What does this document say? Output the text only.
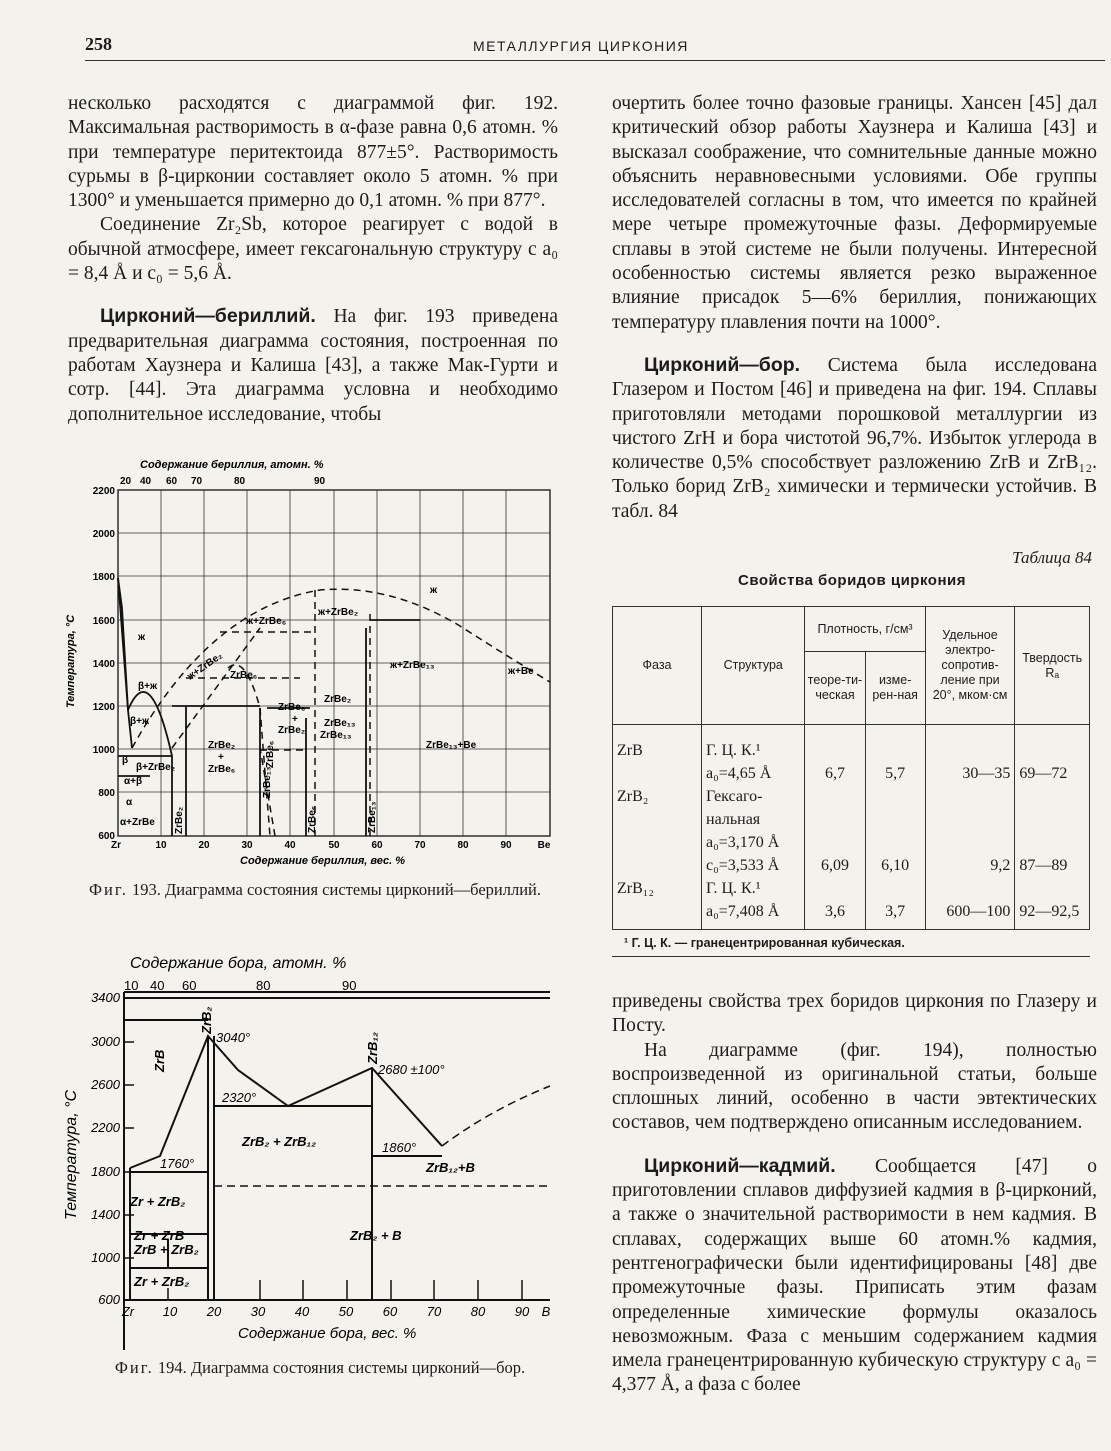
258	МЕТАЛЛУРГИЯ ЦИРКОНИЯ

несколько расходятся с диаграммой фиг. 192. Максимальная растворимость в α-фазе равна 0,6 атомн. % при температуре перитектоида 877±5°. Растворимость сурьмы в β-цирконии составляет около 5 атомн. % при 1300° и уменьшается примерно до 0,1 атомн. % при 877°.

Соединение Zr₂Sb, которое реагирует с водой в обычной атмосфере, имеет гексагональную структуру с a₀ = 8,4 Å и c₀ = 5,6 Å.

Цирконий—бериллий. На фиг. 193 приведена предварительная диаграмма состояния, построенная по работам Хаузнера и Калиша [43], а также Мак-Гурти и сотр. [44]. Эта диаграмма условна и необходимо дополнительное исследование, чтобы

очертить более точно фазовые границы. Хансен [45] дал критический обзор работы Хаузнера и Калиша [43] и высказал соображение, что сомнительные данные можно объяснить неравновесными условиями. Обе группы исследователей согласны в том, что имеется по крайней мере четыре промежуточные фазы. Деформируемые сплавы в этой системе не были получены. Интересной особенностью системы является резко выраженное влияние присадок 5—6% бериллия, понижающих температуру плавления почти на 1000°.

Цирконий—бор. Система была исследована Глазером и Постом [46] и приведена на фиг. 194. Сплавы приготовляли методами порошковой металлургии из чистого ZrH и бора чистотой 96,7%. Избыток углерода в количестве 0,5% способствует разложению ZrB и ZrB₁₂. Только борид ZrB₂ химически и термически устойчив. В табл. 84

Содержание бериллия, атомн. %
20 40 60 70	80	90
2200
2000
1800
1600
1400
1200
1000
800
600
Температура, °С
Zr	10	20	30	40	50	60	70	80	90	Be
Содержание бериллия, вес. %
ж
ж
ж+ZrBe₂
ж+ZrBe₆
ж+ZrBe₁₃
β+ж
ж+ZrBe₂ ZrBe₆
ZrBe₆
+
ZrBe₂
ZrBe₂
+
ZrBe₆
ZrBe₂
ZrBe₁₃
ZrBe₁₃
ZrBe₆	ZrBe₁₃
β
β+ZrBe₂
α+β
α
α+ZrBe ZrBe₂
ZrBe₆
ZrBe₁₃
ZrBe₁₃+Be
ж+Be
β+ж
Фиг. 193. Диаграмма состояния системы цирконий—бериллий.
Содержание бора, атомн. %
10 40 60	80	90
3400
3000
2600
2200
1800
1400
1000
600
Температура, °С
Zr 10 20 30 40 50 60 70 80 90 B
Содержание бора, вес. %
3040°
2680 ±100°
2320°
1860°
1760°
ZrB
ZrB₂
ZrB₁₂
ZrB₂ + ZrB₁₂
ZrB₁₂+B
Zr + ZrB₂
Zr + ZrB
ZrB + ZrB₂
Zr + ZrB₂
ZrB₂ + B
Фиг. 194. Диаграмма состояния системы цирконий—бор.
Таблица 84
Свойства боридов циркония
Фаза	Структура	Плотность, г/см³		Удельное электро-сопротив-ление при 20°, мком·см	Твердость Rₐ
		теоре-ти-ческая	изме-рен-ная		
ZrB	Г. Ц. К.¹				
	a₀=4,65 Å	6,7	5,7	30—35	69—72
ZrB₂	Гексаго-				
	нальная				
	a₀=3,170 Å				
	c₀=3,533 Å	6,09	6,10	9,2	87—89
ZrB₁₂	Г. Ц. К.¹				
	a₀=7,408 Å	3,6	3,7	600—100	92—92,5
¹ Г. Ц. К. — гранецентрированная кубическая.

приведены свойства трех боридов циркония по Глазеру и Посту.

На диаграмме (фиг. 194), полностью воспроизведенной из оригинальной статьи, больше сплошных линий, особенно в части эвтектических составов, чем подтверждено описанным исследованием.

Цирконий—кадмий. Сообщается [47] о приготовлении сплавов диффузией кадмия в β-цирконий, а также о значительной растворимости в нем кадмия. В сплавах, содержащих выше 60 атомн.% кадмия, рентгенографически были идентифицированы [48] две промежуточные фазы. Приписать этим фазам определенные химические формулы оказалось невозможным. Фаза с меньшим содержанием кадмия имела гранецентрированную кубическую структуру с a₀ = 4,377 Å, а фаза с более
